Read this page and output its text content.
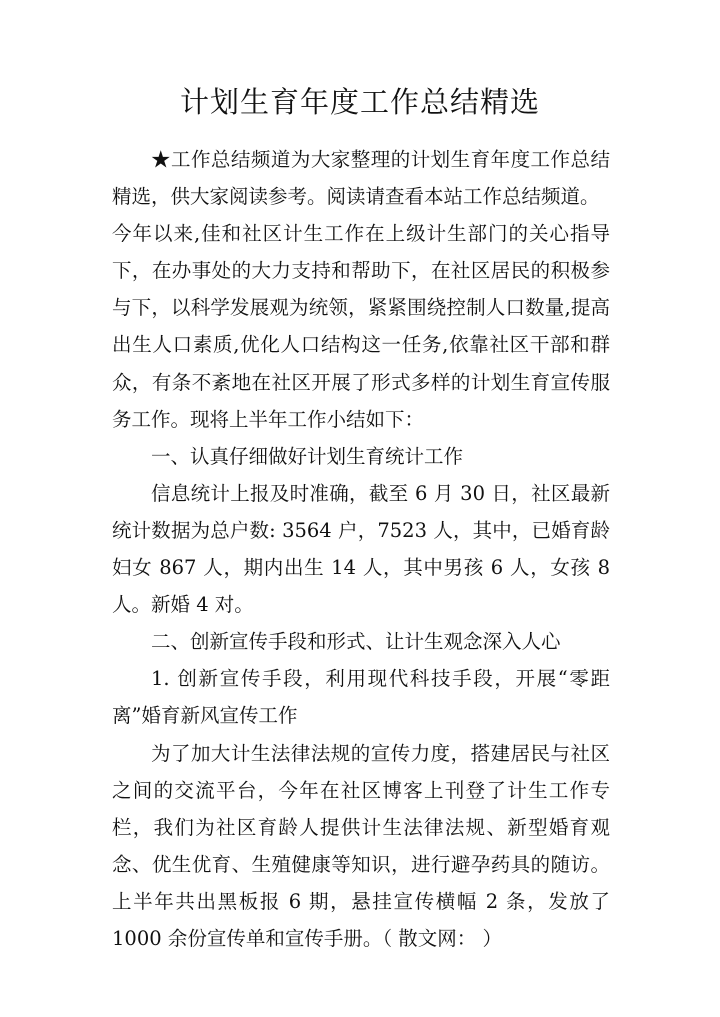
计划生育年度工作总结精选

★工作总结频道为大家整理的计划生育年度工作总结精选，供大家阅读参考。阅读请查看本站工作总结频道。

今年以来,佳和社区计生工作在上级计生部门的关心指导下，在办事处的大力支持和帮助下，在社区居民的积极参与下，以科学发展观为统领，紧紧围绕控制人口数量,提高出生人口素质,优化人口结构这一任务,依靠社区干部和群众，有条不紊地在社区开展了形式多样的计划生育宣传服务工作。现将上半年工作小结如下：

一、认真仔细做好计划生育统计工作

信息统计上报及时准确，截至 6 月 30 日，社区最新统计数据为总户数: 3564 户，7523 人，其中，已婚育龄妇女 867 人，期内出生 14 人，其中男孩 6 人，女孩 8 人。新婚 4 对。

二、创新宣传手段和形式、让计生观念深入人心

1. 创新宣传手段，利用现代科技手段，开展“零距离”婚育新风宣传工作

为了加大计生法律法规的宣传力度，搭建居民与社区之间的交流平台，今年在社区博客上刊登了计生工作专栏，我们为社区育龄人提供计生法律法规、新型婚育观念、优生优育、生殖健康等知识，进行避孕药具的随访。上半年共出黑板报 6 期，悬挂宣传横幅 2 条，发放了 1000 余份宣传单和宣传手册。（ 散文网： ）
